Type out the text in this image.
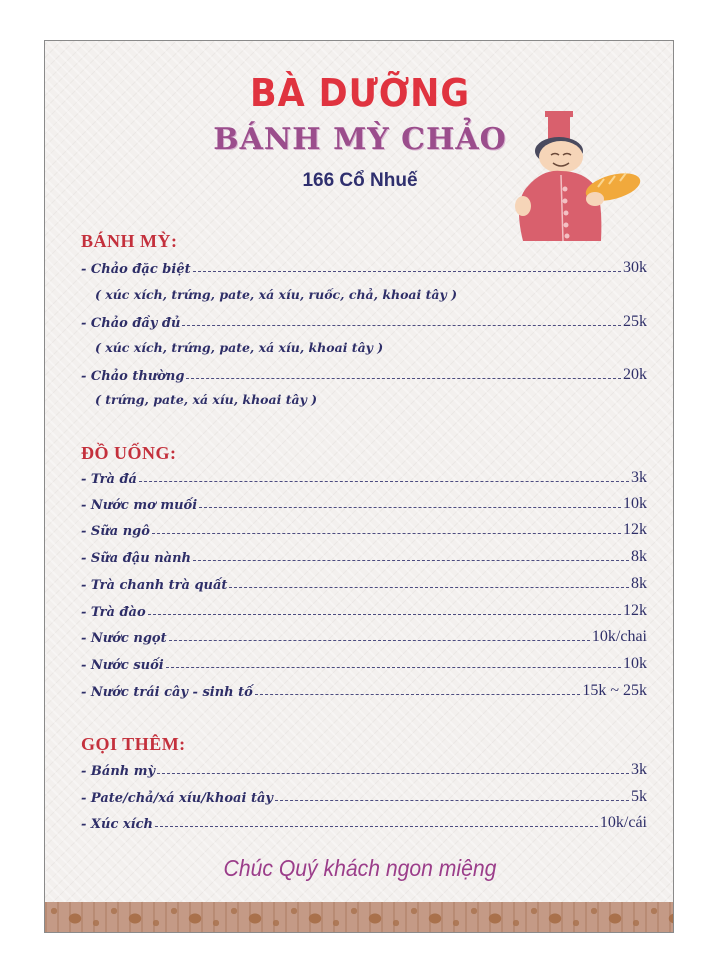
BÀ DƯỠNG
BÁNH MỲ CHẢO
166 Cổ Nhuế
BÁNH MỲ:
- Chảo đặc biệt	30k
( xúc xích, trứng, pate, xá xíu, ruốc, chả, khoai tây )
- Chảo đầy đủ	25k
( xúc xích, trứng, pate, xá xíu, khoai tây )
- Chảo thường	20k
( trứng, pate, xá xíu, khoai tây )
ĐỒ UỐNG:
- Trà đá	3k
- Nước mơ muối	10k
- Sữa ngô	12k
- Sữa đậu nành	8k
- Trà chanh trà quất	8k
- Trà đào	12k
- Nước ngọt	10k/chai
- Nước suối	10k
- Nước trái cây - sinh tố	15k ~ 25k
GỌI THÊM:
- Bánh mỳ	3k
- Pate/chả/xá xíu/khoai tây	5k
- Xúc xích	10k/cái
Chúc Quý khách ngon miệng
